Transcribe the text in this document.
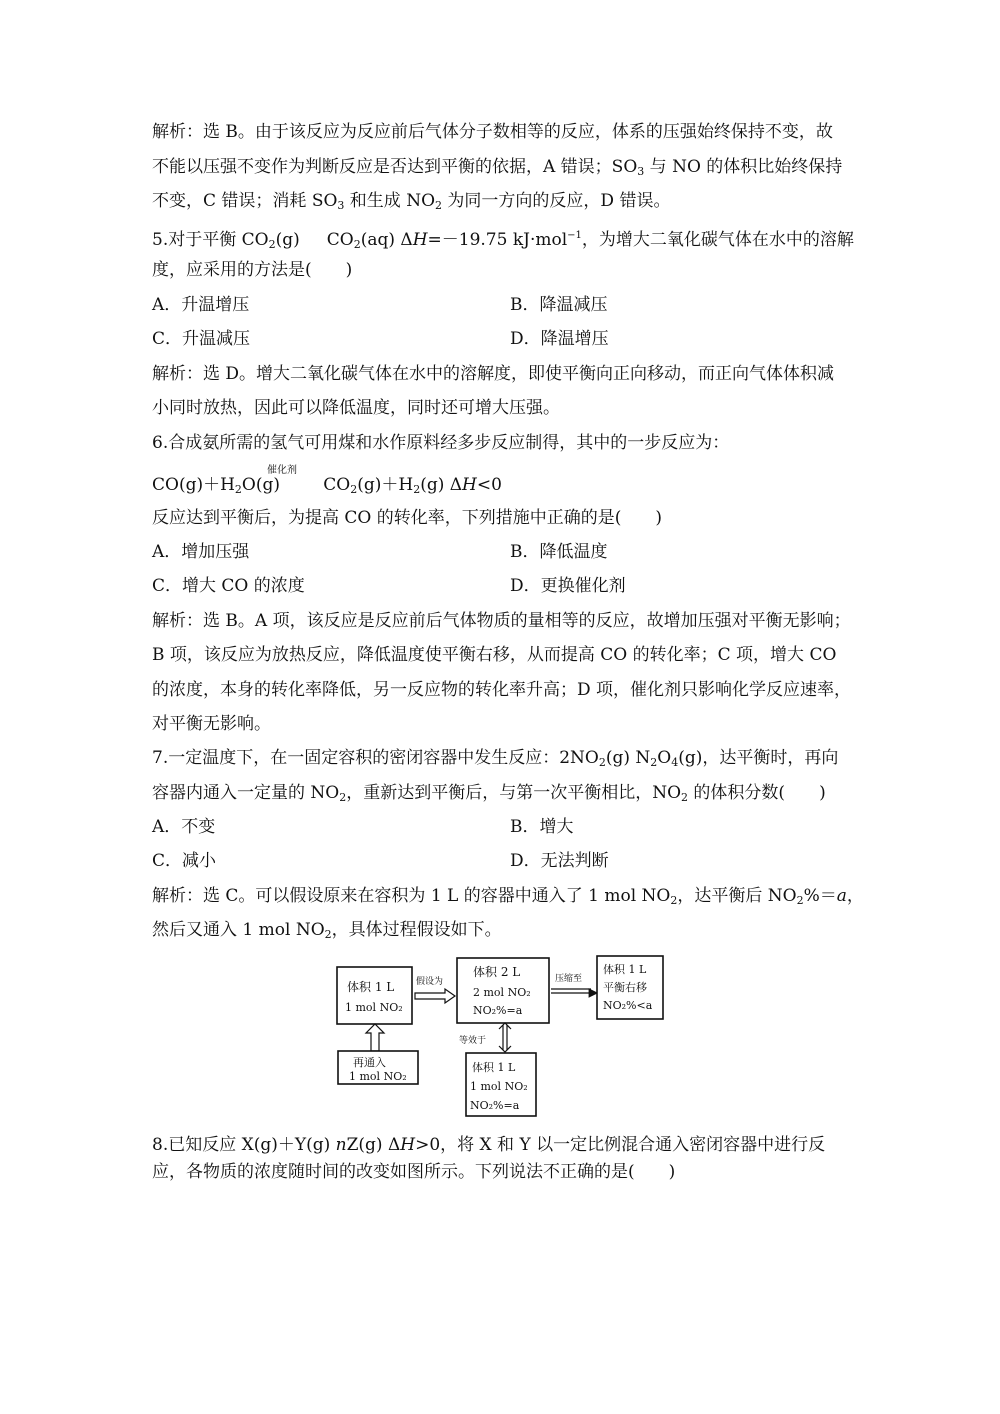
解析：选 B。由于该反应为反应前后气体分子数相等的反应，体系的压强始终保持不变，故
不能以压强不变作为判断反应是否达到平衡的依据，A 错误；$SO_3$ 与 NO 的体积比始终保持
不变，C 错误；消耗 $SO_3$ 和生成 $NO_2$ 为同一方向的反应，D 错误。
5.对于平衡 $CO_2(g)$ $CO_2(aq)$ ΔH=－19.75 kJ·mol$^{-1}$，为增大二氧化碳气体在水中的溶解
度，应采用的方法是(　　)
A．升温增压	B．降温减压
C．升温减压	D．降温增压
解析：选 D。增大二氧化碳气体在水中的溶解度，即使平衡向正向移动，而正向气体体积减
小同时放热，因此可以降低温度，同时还可增大压强。
6.合成氨所需的氢气可用煤和水作原料经多步反应制得，其中的一步反应为：
催化剂
$CO(g)+H_2O(g)$	$CO_2(g)+H_2(g)$ ΔH<0
反应达到平衡后，为提高 CO 的转化率，下列措施中正确的是(　　)
A．增加压强	B．降低温度
C．增大 CO 的浓度	D．更换催化剂
解析：选 B。A 项，该反应是反应前后气体物质的量相等的反应，故增加压强对平衡无影响；
B 项，该反应为放热反应，降低温度使平衡右移，从而提高 CO 的转化率；C 项，增大 CO
的浓度，本身的转化率降低，另一反应物的转化率升高；D 项，催化剂只影响化学反应速率，
对平衡无影响。
7.一定温度下，在一固定容积的密闭容器中发生反应：$2NO_2(g)$ $N_2O_4(g)$，达平衡时，再向
容器内通入一定量的 $NO_2$，重新达到平衡后，与第一次平衡相比，$NO_2$ 的体积分数(　　)
A．不变	B．增大
C．减小	D．无法判断
解析：选 C。可以假设原来在容积为 1 L 的容器中通入了 1 mol $NO_2$，达平衡后 $NO_2\%=a$，
然后又通入 1 mol $NO_2$，具体过程假设如下。
体积 1 L
1 mol NO₂
假设为
体积 2 L
2 mol NO₂
NO₂%=a
压缩至
体积 1 L
平衡右移
NO₂%<a
再通入
1 mol NO₂
等效于
体积 1 L
1 mol NO₂
NO₂%=a
8.已知反应 X(g)＋Y(g) nZ(g) ΔH>0，将 X 和 Y 以一定比例混合通入密闭容器中进行反
应，各物质的浓度随时间的改变如图所示。下列说法不正确的是(　　)
